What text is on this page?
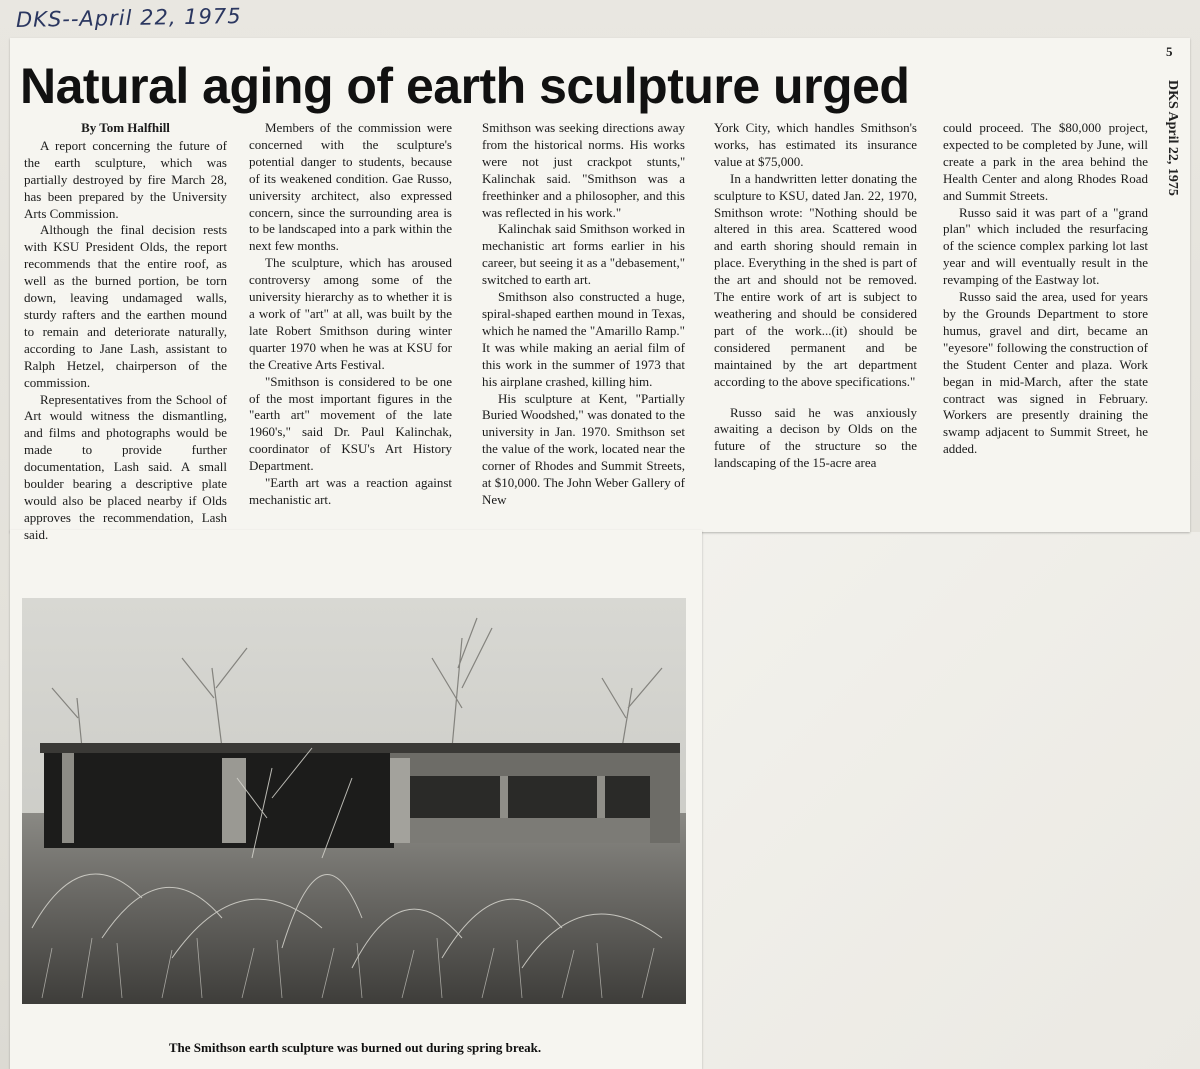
DKS--April 22, 1975
Natural aging of earth sculpture urged
5
DKS April 22, 1975

By Tom Halfhill

A report concerning the future of the earth sculpture, which was partially destroyed by fire March 28, has been prepared by the University Arts Commission.

Although the final decision rests with KSU President Olds, the report recommends that the entire roof, as well as the burned portion, be torn down, leaving undamaged walls, sturdy rafters and the earthen mound to remain and deteriorate naturally, according to Jane Lash, assistant to Ralph Hetzel, chairperson of the commission.

Representatives from the School of Art would witness the dismantling, and films and photographs would be made to provide further documentation, Lash said. A small boulder bearing a descriptive plate would also be placed nearby if Olds approves the recommendation, Lash said.

Members of the commission were concerned with the sculpture's potential danger to students, because of its weakened condition. Gae Russo, university architect, also expressed concern, since the surrounding area is to be landscaped into a park within the next few months.

The sculpture, which has aroused controversy among some of the university hierarchy as to whether it is a work of "art" at all, was built by the late Robert Smithson during winter quarter 1970 when he was at KSU for the Creative Arts Festival.

"Smithson is considered to be one of the most important figures in the "earth art" movement of the late 1960's," said Dr. Paul Kalinchak, coordinator of KSU's Art History Department.

"Earth art was a reaction against mechanistic art.

Smithson was seeking directions away from the historical norms. His works were not just crackpot stunts,'' Kalinchak said. "Smithson was a freethinker and a philosopher, and this was reflected in his work."

Kalinchak said Smithson worked in mechanistic art forms earlier in his career, but seeing it as a "debasement," switched to earth art.

Smithson also constructed a huge, spiral-shaped earthen mound in Texas, which he named the "Amarillo Ramp." It was while making an aerial film of this work in the summer of 1973 that his airplane crashed, killing him.

His sculpture at Kent, "Partially Buried Woodshed," was donated to the university in Jan. 1970. Smithson set the value of the work, located near the corner of Rhodes and Summit Streets, at $10,000. The John Weber Gallery of New

York City, which handles Smithson's works, has estimated its insurance value at $75,000.

In a handwritten letter donating the sculpture to KSU, dated Jan. 22, 1970, Smithson wrote: "Nothing should be altered in this area. Scattered wood and earth shoring should remain in place. Everything in the shed is part of the art and should not be removed. The entire work of art is subject to weathering and should be considered part of the work...(it) should be considered permanent and be maintained by the art department according to the above specifications."

Russo said he was anxiously awaiting a decison by Olds on the future of the structure so the landscaping of the 15-acre area

could proceed. The $80,000 project, expected to be completed by June, will create a park in the area behind the Health Center and along Rhodes Road and Summit Streets.

Russo said it was part of a "grand plan" which included the resurfacing of the science complex parking lot last year and will eventually result in the revamping of the Eastway lot.

Russo said the area, used for years by the Grounds Department to store humus, gravel and dirt, became an "eyesore" following the construction of the Student Center and plaza. Work began in mid-March, after the state contract was signed in February. Workers are presently draining the swamp adjacent to Summit Street, he added.

The Smithson earth sculpture was burned out during spring break.
